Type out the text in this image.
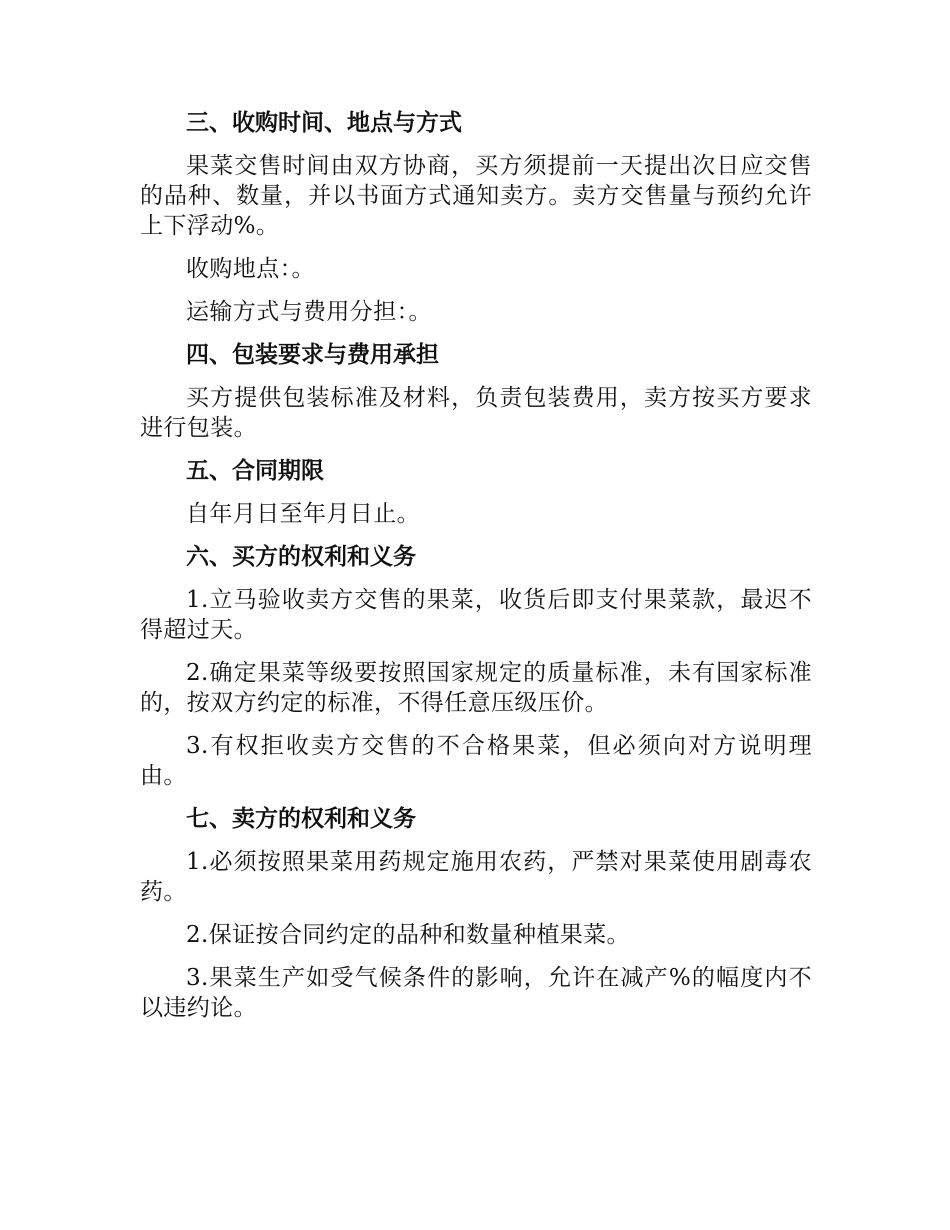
三、收购时间、地点与方式

果菜交售时间由双方协商，买方须提前一天提出次日应交售的品种、数量，并以书面方式通知卖方。卖方交售量与预约允许上下浮动%。

收购地点：。

运输方式与费用分担：。

四、包装要求与费用承担

买方提供包装标准及材料，负责包装费用，卖方按买方要求进行包装。

五、合同期限

自年月日至年月日止。

六、买方的权利和义务

1.立马验收卖方交售的果菜，收货后即支付果菜款，最迟不得超过天。

2.确定果菜等级要按照国家规定的质量标准，未有国家标准的，按双方约定的标准，不得任意压级压价。

3.有权拒收卖方交售的不合格果菜，但必须向对方说明理由。

七、卖方的权利和义务

1.必须按照果菜用药规定施用农药，严禁对果菜使用剧毒农药。

2.保证按合同约定的品种和数量种植果菜。

3.果菜生产如受气候条件的影响，允许在减产%的幅度内不以违约论。
